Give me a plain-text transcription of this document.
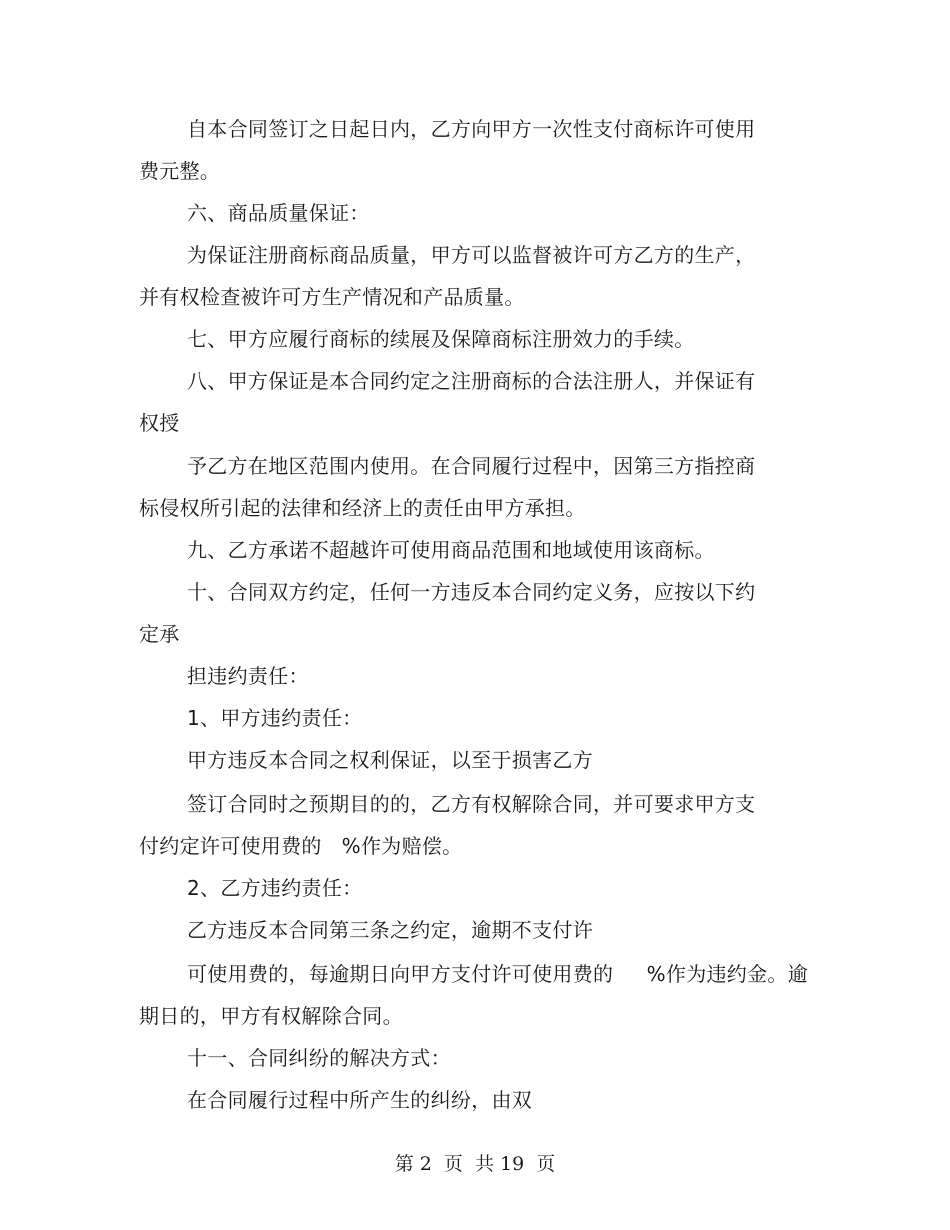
自本合同签订之日起日内，乙方向甲方一次性支付商标许可使用
费元整。
六、商品质量保证：
为保证注册商标商品质量，甲方可以监督被许可方乙方的生产，
并有权检查被许可方生产情况和产品质量。
七、甲方应履行商标的续展及保障商标注册效力的手续。
八、甲方保证是本合同约定之注册商标的合法注册人，并保证有
权授
予乙方在地区范围内使用。在合同履行过程中，因第三方指控商
标侵权所引起的法律和经济上的责任由甲方承担。
九、乙方承诺不超越许可使用商品范围和地域使用该商标。
十、合同双方约定，任何一方违反本合同约定义务，应按以下约
定承
担违约责任：
1、甲方违约责任：
甲方违反本合同之权利保证，以至于损害乙方
签订合同时之预期目的的，乙方有权解除合同，并可要求甲方支
付约定许可使用费的   %作为赔偿。
2、乙方违约责任：
乙方违反本合同第三条之约定，逾期不支付许
可使用费的，每逾期日向甲方支付许可使用费的     %作为违约金。逾
期日的，甲方有权解除合同。
十一、合同纠纷的解决方式：
在合同履行过程中所产生的纠纷，由双
第 2  页  共 19  页
